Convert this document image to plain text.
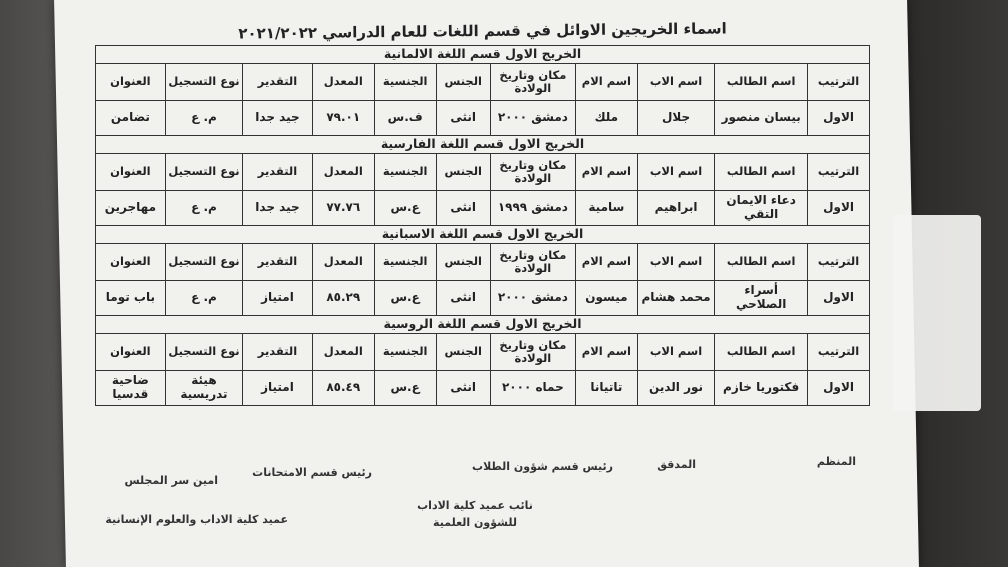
اسماء الخريجين الاوائل في قسم اللغات للعام الدراسي ٢٠٢١/٢٠٢٢
الخريج الاول قسم اللغة الالمانية										
الترتيب	اسم الطالب	اسم الاب	اسم الام	مكان وتاريخ الولادة	الجنس	الجنسية	المعدل	التقدير	نوع التسجيل	العنوان
الاول	بيسان منصور	جلال	ملك	دمشق ٢٠٠٠	انثى	ف.س	٧٩.٠١	جيد جدا	م. ع	تضامن
الخريج الاول قسم اللغة الفارسية										
الترتيب	اسم الطالب	اسم الاب	اسم الام	مكان وتاريخ الولادة	الجنس	الجنسية	المعدل	التقدير	نوع التسجيل	العنوان
الاول	دعاء الايمان التقي	ابراهيم	سامية	دمشق ١٩٩٩	انثى	ع.س	٧٧.٧٦	جيد جدا	م. ع	مهاجرين
الخريج الاول قسم اللغة الاسبانية										
الترتيب	اسم الطالب	اسم الاب	اسم الام	مكان وتاريخ الولادة	الجنس	الجنسية	المعدل	التقدير	نوع التسجيل	العنوان
الاول	أسراء الصلاحي	محمد هشام	ميسون	دمشق ٢٠٠٠	انثى	ع.س	٨٥.٢٩	امتياز	م. ع	باب توما
الخريج الاول قسم اللغة الروسية										
الترتيب	اسم الطالب	اسم الاب	اسم الام	مكان وتاريخ الولادة	الجنس	الجنسية	المعدل	التقدير	نوع التسجيل	العنوان
الاول	فكتوريا خازم	نور الدين	تاتيانا	حماه ٢٠٠٠	انثى	ع.س	٨٥.٤٩	امتياز	هيئة تدريسية	ضاحية قدسيا
المنظم
المدقق
رئيس قسم شؤون الطلاب
رئيس قسم الامتحانات
امين سر المجلس
نائب عميد كلية الاداب للشؤون العلمية
عميد كلية الاداب والعلوم الإنسانية
